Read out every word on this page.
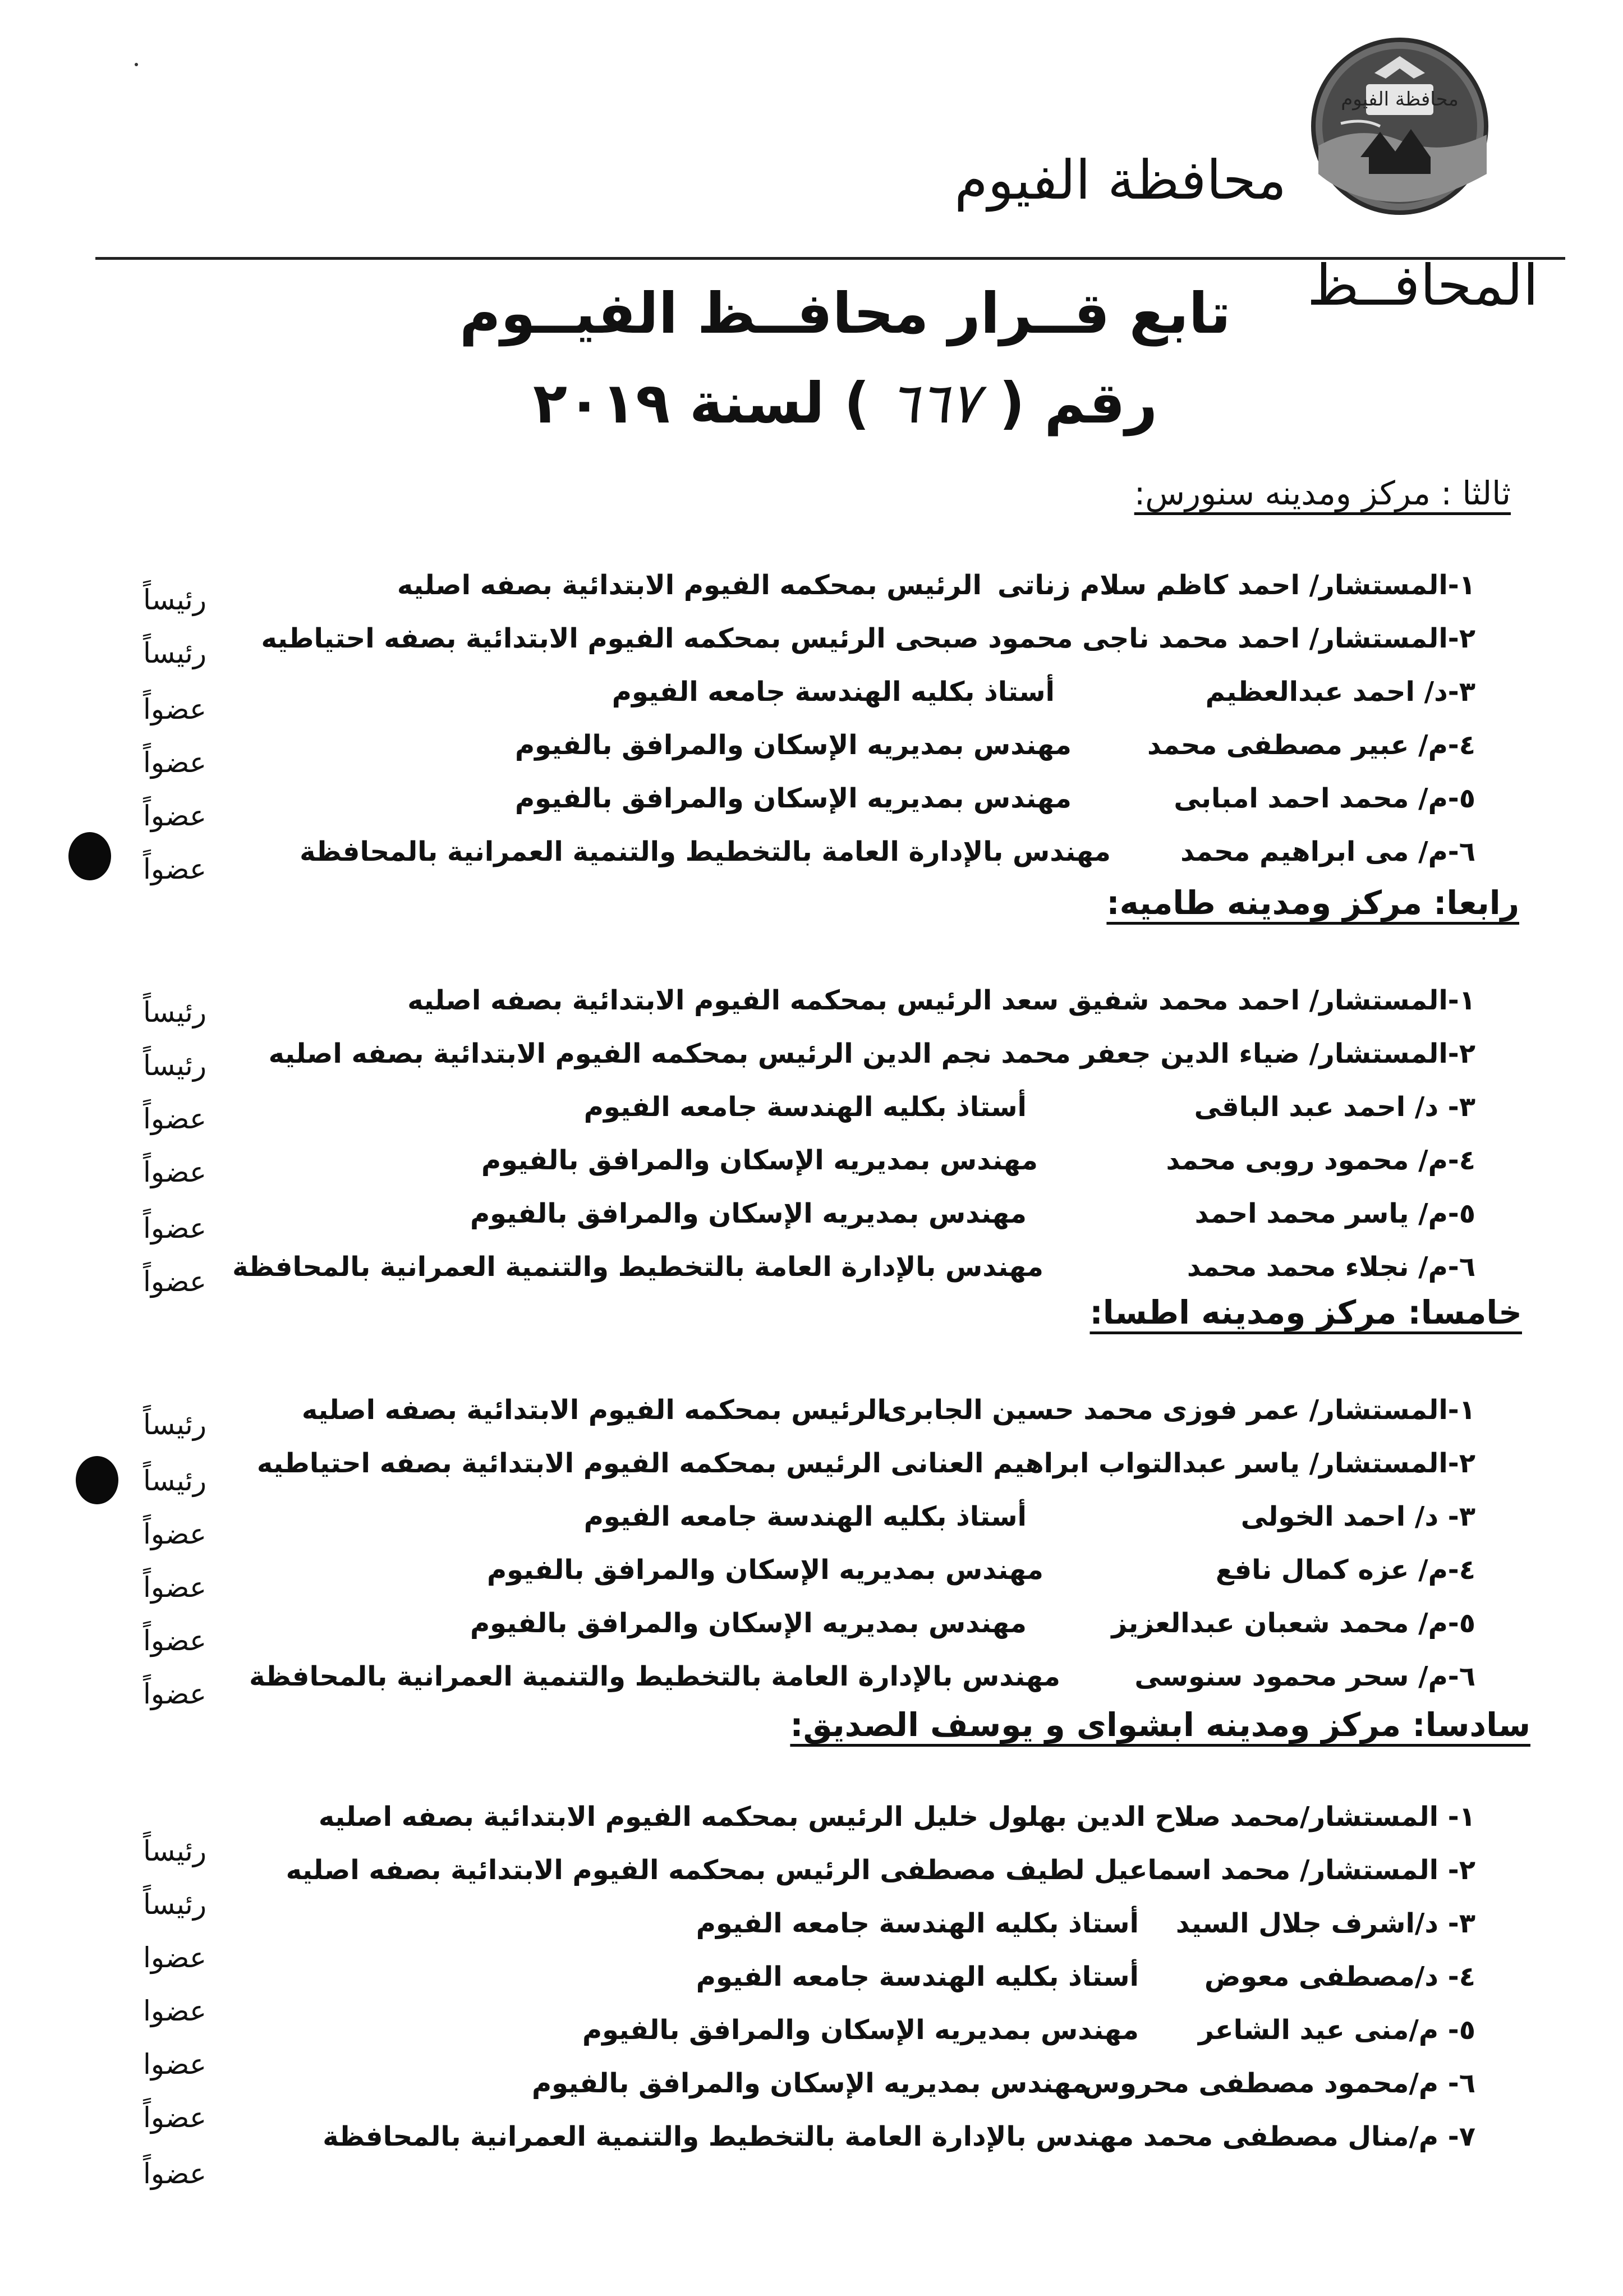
محافظة الفيوم
محافظة الفيوم
المحافــظ
تابع قــرار محافــظ الفيــوم
رقم ( ٦٦٧ ) لسنة ٢٠١٩
ثالثا : مركز ومدينه سنورس:
١-المستشار/ احمد كاظم سلام زناتى
الرئيس بمحكمه الفيوم الابتدائية بصفه اصليه
٢-المستشار/ احمد محمد ناجى محمود صبحى الرئيس بمحكمه الفيوم الابتدائية بصفه احتياطيه
٣-د/ احمد عبدالعظيم
أستاذ بكليه الهندسة جامعه الفيوم
٤-م/ عبير مصطفى محمد
مهندس بمديريه الإسكان والمرافق بالفيوم
٥-م/ محمد احمد امبابى
مهندس بمديريه الإسكان والمرافق بالفيوم
٦-م/ مى ابراهيم محمد
مهندس بالإدارة العامة بالتخطيط والتنمية العمرانية بالمحافظة
رئيساً
رئيساً
عضواً
عضواً
عضواً
عضواً
رابعا: مركز ومدينه طاميه:
١-المستشار/ احمد محمد شفيق سعد الرئيس بمحكمه الفيوم الابتدائية بصفه اصليه
٢-المستشار/ ضياء الدين جعفر محمد نجم الدين الرئيس بمحكمه الفيوم الابتدائية بصفه اصليه
٣- د/ احمد عبد الباقى
أستاذ بكليه الهندسة جامعه الفيوم
٤-م/ محمود روبى محمد
مهندس بمديريه الإسكان والمرافق بالفيوم
٥-م/ ياسر محمد احمد
مهندس بمديريه الإسكان والمرافق بالفيوم
٦-م/ نجلاء محمد محمد
مهندس بالإدارة العامة بالتخطيط والتنمية العمرانية بالمحافظة
رئيساً
رئيساً
عضواً
عضواً
عضواً
عضواً
خامسا: مركز ومدينه اطسا:
١-المستشار/ عمر فوزى محمد حسين الجابرى
الرئيس بمحكمه الفيوم الابتدائية بصفه اصليه
٢-المستشار/ ياسر عبدالتواب ابراهيم العنانى الرئيس بمحكمه الفيوم الابتدائية بصفه احتياطيه
٣- د/ احمد الخولى
أستاذ بكليه الهندسة جامعه الفيوم
٤-م/ عزه كمال نافع
مهندس بمديريه الإسكان والمرافق بالفيوم
٥-م/ محمد شعبان عبدالعزيز
مهندس بمديريه الإسكان والمرافق بالفيوم
٦-م/ سحر محمود سنوسى
مهندس بالإدارة العامة بالتخطيط والتنمية العمرانية بالمحافظة
رئيساً
رئيساً
عضواً
عضواً
عضواً
عضواً
سادسا: مركز ومدينه ابشواى و يوسف الصديق:
١- المستشار/محمد صلاح الدين بهلول خليل
الرئيس بمحكمه الفيوم الابتدائية بصفه اصليه
٢- المستشار/ محمد اسماعيل لطيف مصطفى الرئيس بمحكمه الفيوم الابتدائية بصفه اصليه
٣- د/اشرف جلال السيد
أستاذ بكليه الهندسة جامعه الفيوم
٤- د/مصطفى معوض
أستاذ بكليه الهندسة جامعه الفيوم
٥- م/منى عيد الشاعر
مهندس بمديريه الإسكان والمرافق بالفيوم
٦- م/محمود مصطفى محروس
مهندس بمديريه الإسكان والمرافق بالفيوم
٧- م/منال مصطفى محمد مهندس بالإدارة العامة بالتخطيط والتنمية العمرانية بالمحافظة
رئيساً
رئيساً
عضوا
عضوا
عضوا
عضواً
عضواً
